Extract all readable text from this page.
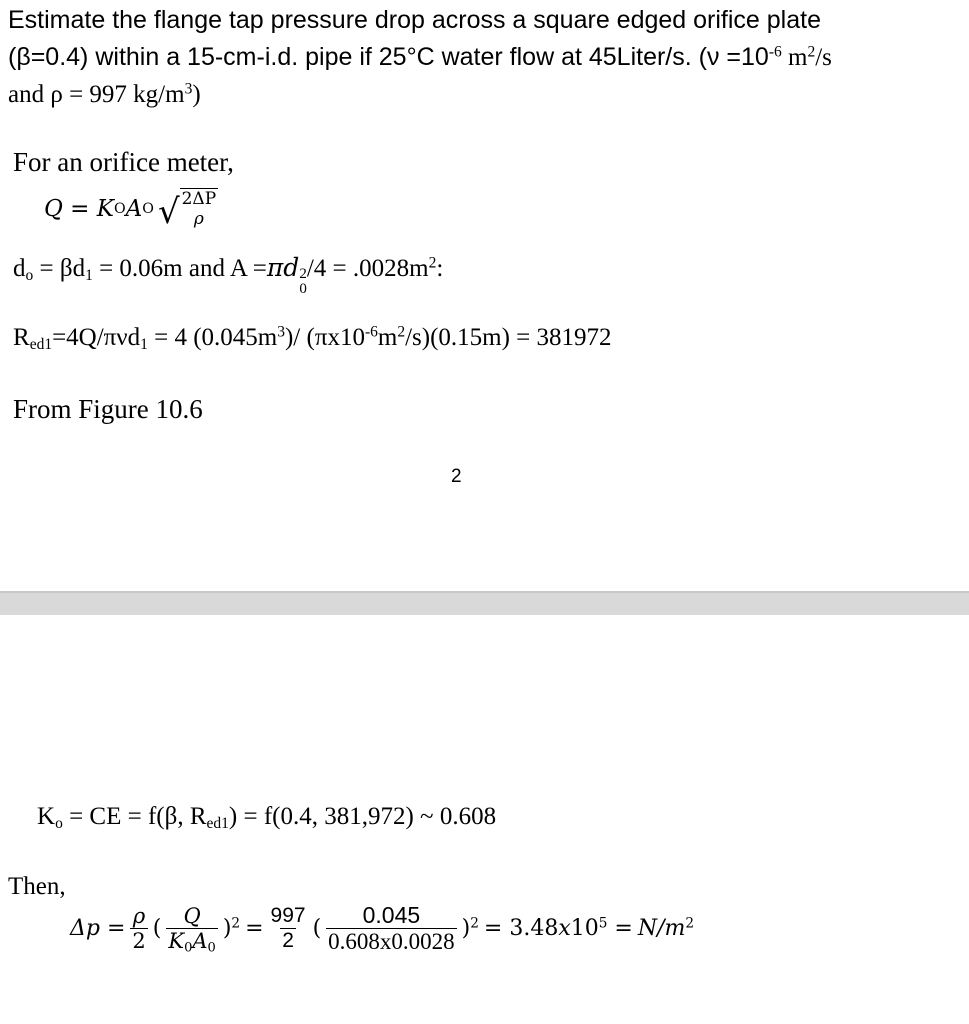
Estimate the flange tap pressure drop across a square edged orifice plate
(β=0.4) within a 15-cm-i.d. pipe if 25°C water flow at 45Liter/s. ($\nu =10^{-6}$ $m^2/s$
and ρ = 997 $kg/m^3$)
For an orifice meter,
Q = K O A O √ 2ΔP
ρ
$d_o = \beta d_1 = 0.06m$ and A =πd 2
0
$/4 = .0028m^2$:
$R_{ed1}=4Q/\pi\nu d_1 = 4$ $(0.045m^3)/$ $(\pi x10^{-6}m^2/s)(0.15m) = 381972$
From Figure 10.6
2
$K_o$ = CE = f(β, $R_{ed1}) = f(0.4$, 381,972) ~ 0.608
Then,
$\Delta p = \frac{\rho}{2}$ ( $\frac{Q}{K_0A_0} )^2 = \frac{997}{2}$ ( $\frac{0.045}{0.608x0.0028} )^2 = 3.48x10^5 = N/m^2$
